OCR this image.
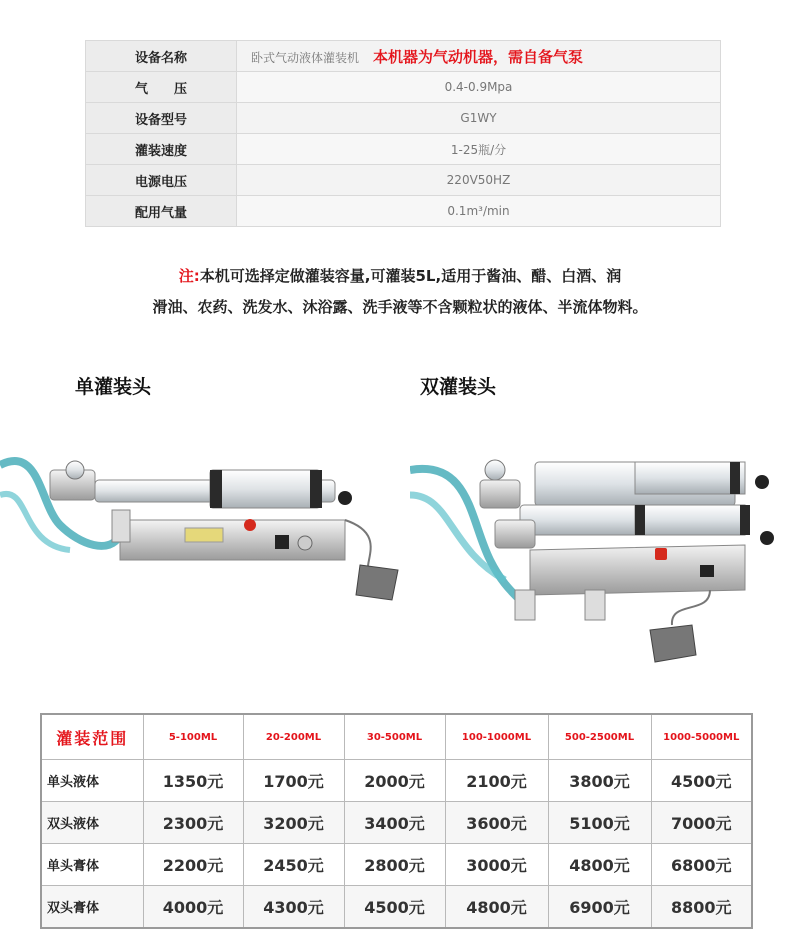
设备名称	卧式气动液体灌装机 本机器为气动机器，需自备气泵
气　　压	0.4-0.9Mpa
设备型号	G1WY
灌装速度	1-25瓶/分
电源电压	220V50HZ
配用气量	0.1m³/min
注:本机可选择定做灌装容量,可灌装5L,适用于酱油、醋、白酒、润
滑油、农药、洗发水、沐浴露、洗手液等不含颗粒状的液体、半流体物料。
单灌装头	双灌装头
灌装范围	5-100ML	20-200ML	30-500ML	100-1000ML	500-2500ML	1000-5000ML
单头液体	1350元	1700元	2000元	2100元	3800元	4500元
双头液体	2300元	3200元	3400元	3600元	5100元	7000元
单头膏体	2200元	2450元	2800元	3000元	4800元	6800元
双头膏体	4000元	4300元	4500元	4800元	6900元	8800元
